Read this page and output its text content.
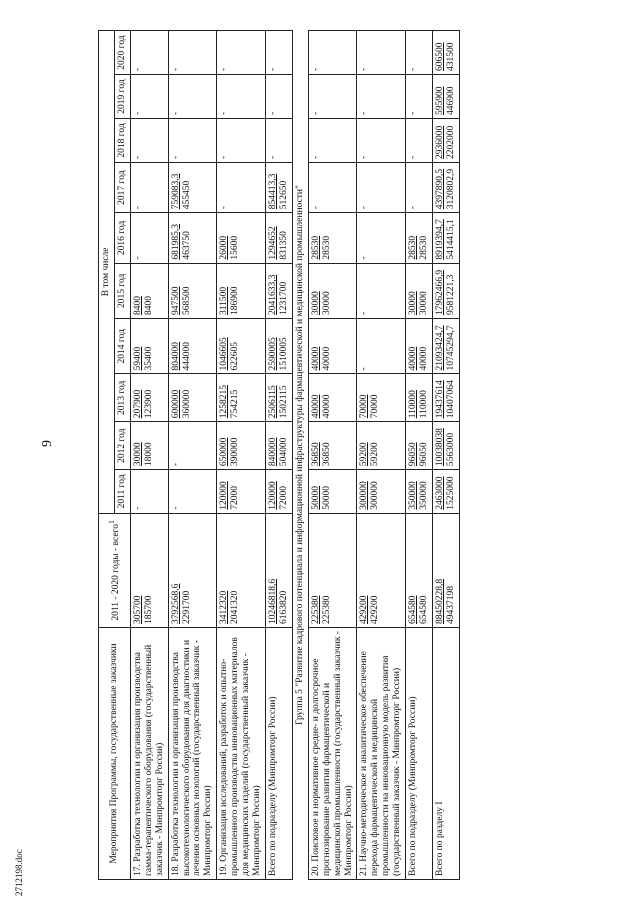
9
2712198.doc
Мероприятия Программы, государственные заказчики	2011 - 2020 годы - всего$^1$	В том числе									
		2011 год	2012 год	2013 год	2014 год	2015 год	2016 год	2017 год	2018 год	2019 год	2020 год
17. Разработка технологии и организация производства гамма-терапевтического оборудования (государственный заказчик - Минпромторг России)	305700 185700	-	30000 18000	207900 123900	59400 35400	8400 8400	-	-	-	-	-

18. Разработка технологии и организация производства высокотехнологического оборудования для диагностики и лечения основных нозологий (государственный заказчик - Минпромторг России)	3792568,6 2291700	-	-	600000 360000	804000 444000	947500 568500	681985,3 463750	759083,3 455450	-	-	-

19. Организация исследований, разработок и опытно-промышленного производства инновационных материалов для медицинских изделий (государственный заказчик - Минпромторг России)	3412320 2041320	120000 72000	650000 390000	1258215 754215	1046605 622605	311500 186900	26000 15600	-	-	-	-

Всего по подразделу (Минпромторг России)	10246818,6 6163820	120000 72000	840000 504000	2506115 1502115	2590005 1510005	2041633,3 1231700	1294652 831350	854413,3 512650	-	-	-

Группа 5 "Развитие кадрового потенциала и информационной инфраструктуры фармацевтической и медицинской промышленности"											
20. Поисковое и нормативное средне- и долгосрочное прогнозирование развития фармацевтической и медицинской промышленности (государственный заказчик - Минпромторг России)	225380 225380	50000 50000	36850 36850	40000 40000	40000 40000	30000 30000	28530 28530	-	-	-	-

21. Научно-методическое и аналитическое обеспечение перехода фармацевтической и медицинской промышленности на инновационную модель развития (государственный заказчик - Минпромторг России)	429200 429200	300000 300000	59200 59200	70000 70000	-	-	-	-	-	-	-

Всего по подразделу (Минпромторг России)	654580 654580	350000 350000	96050 96050	110000 110000	40000 40000	30000 30000	28530 28530	-	-	-	-

Всего по разделу I	88450228,8 49437198	2463000 1525000	10038038 5563000	19437614 10407064	21093424,7 10745294,7	17962466,9 9581221,3	8919394,7 5414415,1	4397890,5 3120802,9	2936000 2202000	595900 446900	606500 431500
